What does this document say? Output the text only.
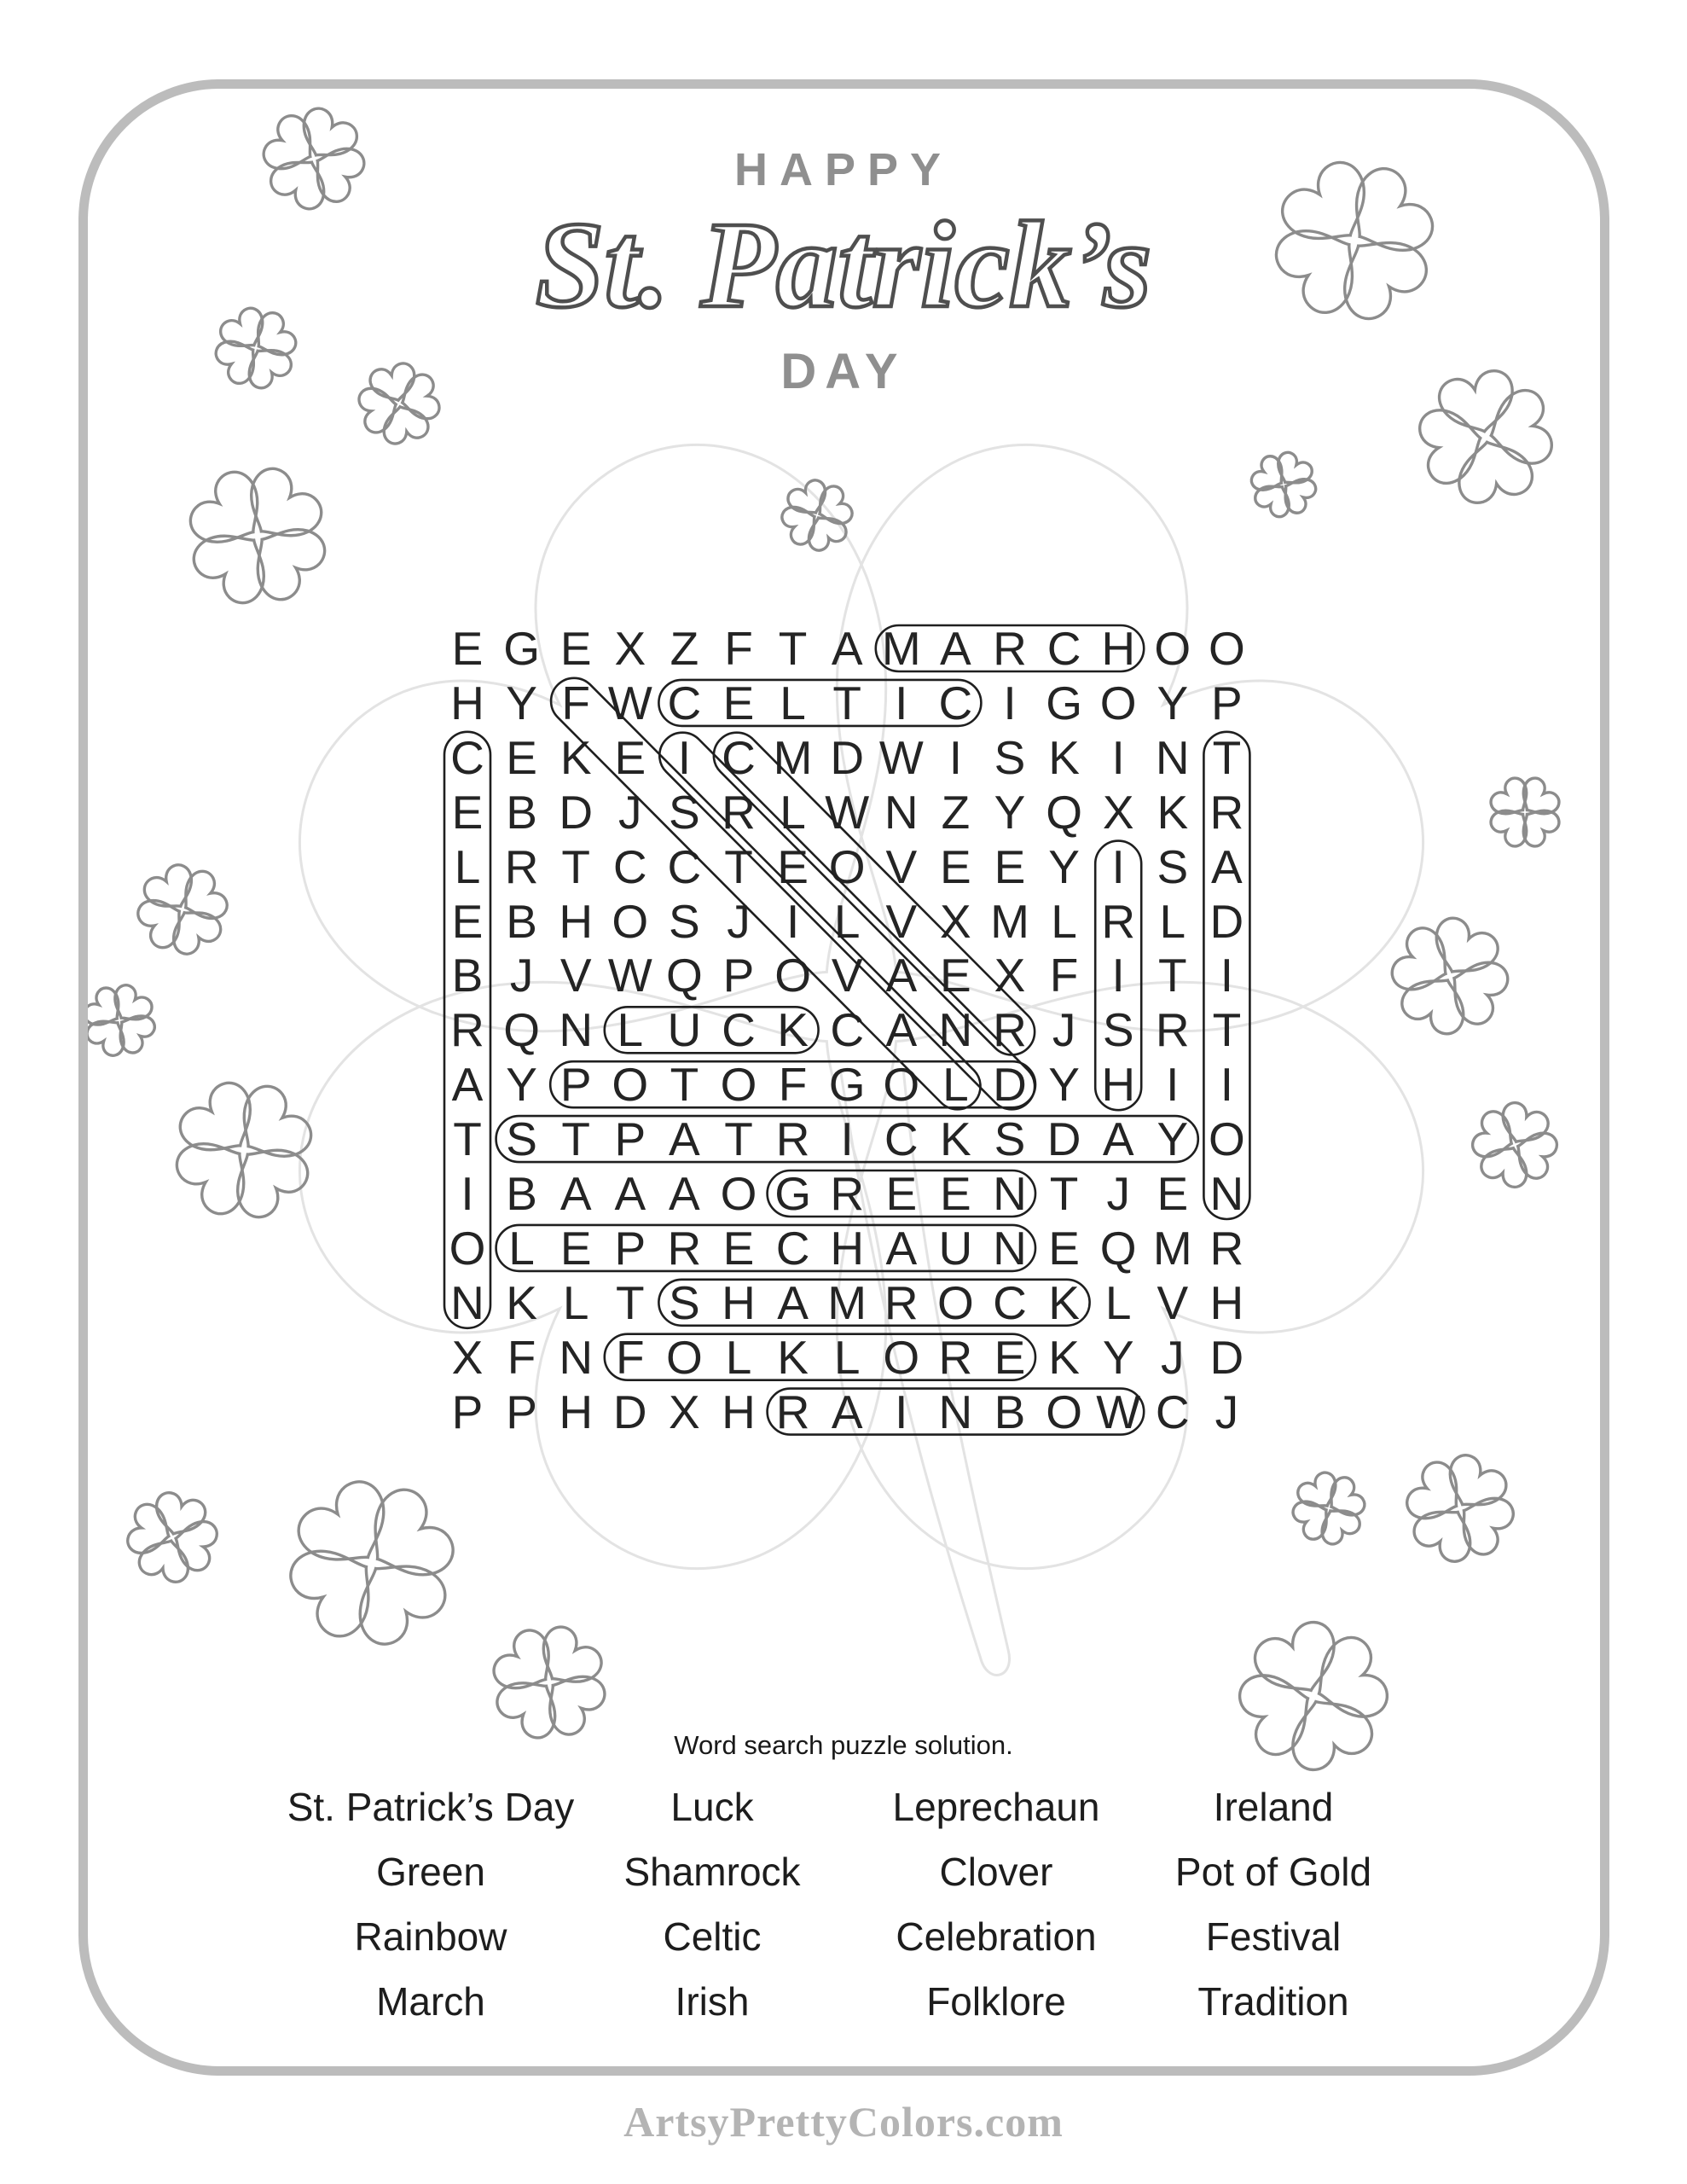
HAPPY
St. Patrick’s
DAY
E G E X Z F T A M A R C H O O
H Y F W C E L T I C I G O Y P
C E K E I C M D W I S K I N T
E B D J S R L W N Z Y Q X K R
L R T C C T E O V E E Y I S A
E B H O S J I L V X M L R L D
B J V W Q P O V A E X F I T I
R Q N L U C K C A N R J S R T
A Y P O T O F G O L D Y H I I
T S T P A T R I C K S D A Y O
I B A A A O G R E E N T J E N
O L E P R E C H A U N E Q M R
N K L T S H A M R O C K L V H
X F N F O L K L O R E K Y J D
P P H D X H R A I N B O W C J
Word search puzzle solution.
St. Patrick’s Day
Green
Rainbow
March
Luck
Shamrock
Celtic
Irish
Leprechaun
Clover
Celebration
Folklore
Ireland
Pot of Gold
Festival
Tradition
ArtsyPrettyColors.com
